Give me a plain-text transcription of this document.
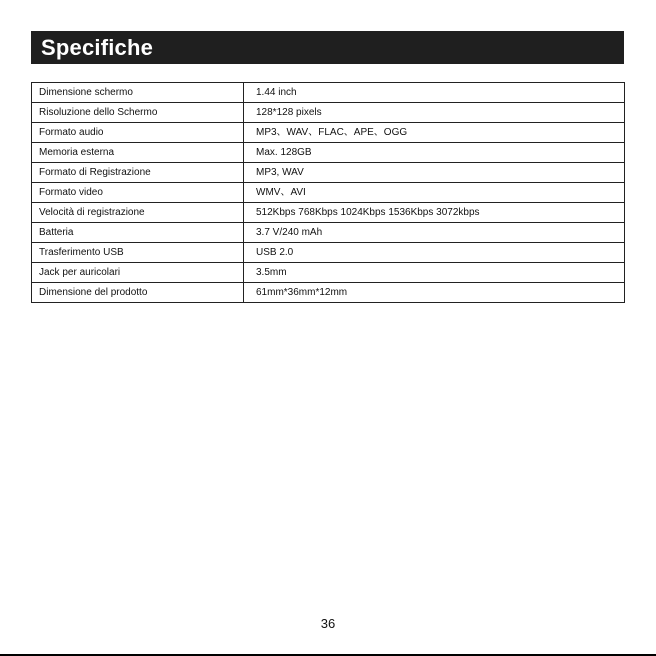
Specifiche
Dimensione schermo	1.44 inch
Risoluzione dello Schermo	128*128 pixels
Formato audio	MP3、WAV、FLAC、APE、OGG
Memoria esterna	Max. 128GB
Formato di Registrazione	MP3, WAV
Formato video	WMV、AVI
Velocità di registrazione	512Kbps 768Kbps 1024Kbps 1536Kbps 3072kbps
Batteria	3.7 V/240 mAh
Trasferimento USB	USB 2.0
Jack per auricolari	3.5mm
Dimensione del prodotto	61mm*36mm*12mm
36
